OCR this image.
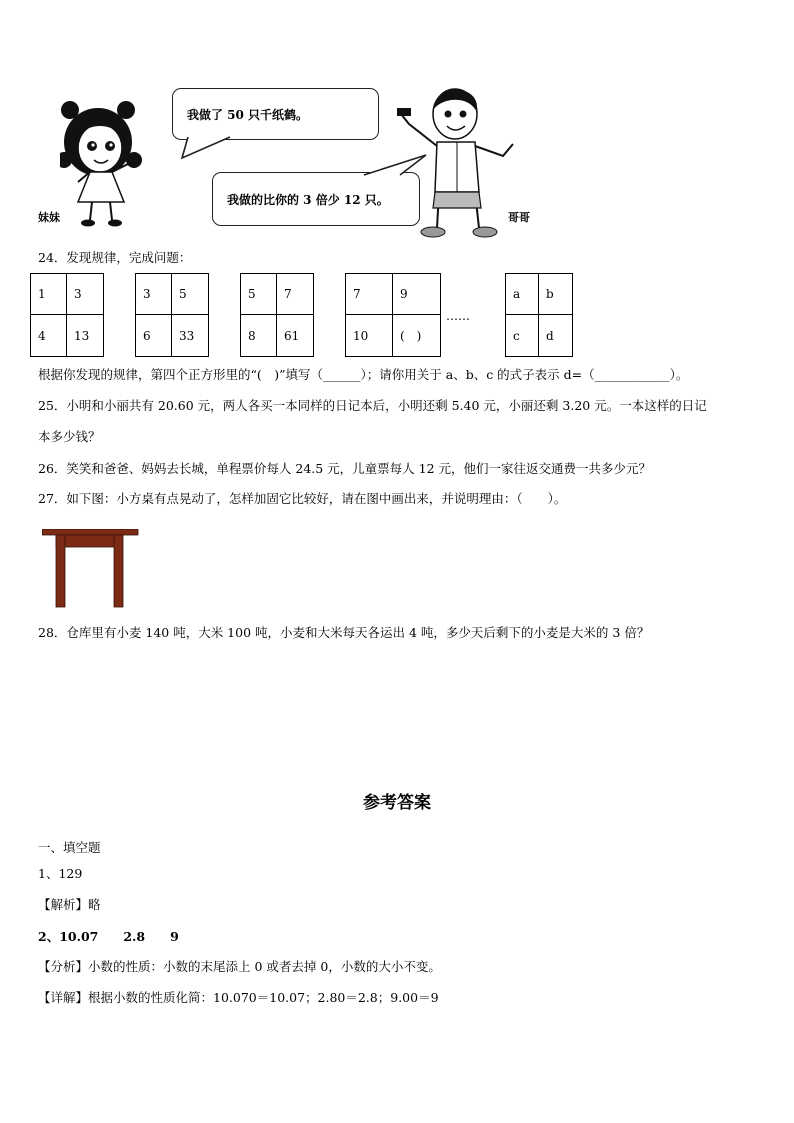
我做了 50 只千纸鹤。
我做的比你的 3 倍少 12 只。
妹妹	哥哥
24．发现规律，完成问题：
1	3
4	13
3	5
6	33
5	7
8	61
7	9
10	(　)
……
a	b
c	d
根据你发现的规律，第四个正方形里的“(　)”填写（______）；请你用关于 a、b、c 的式子表示 d=（____________）。
25．小明和小丽共有 20.60 元，两人各买一本同样的日记本后，小明还剩 5.40 元，小丽还剩 3.20 元。一本这样的日记
本多少钱？
26．笑笑和爸爸、妈妈去长城，单程票价每人 24.5 元，儿童票每人 12 元，他们一家往返交通费一共多少元？
27．如下图：小方桌有点晃动了，怎样加固它比较好，请在图中画出来，并说明理由：（　　）。
28．仓库里有小麦 140 吨，大米 100 吨，小麦和大米每天各运出 4 吨，多少天后剩下的小麦是大米的 3 倍？
参考答案
一、填空题
1、129
【解析】略
2、10.07　　2.8　　9
【分析】小数的性质：小数的末尾添上 0 或者去掉 0，小数的大小不变。
【详解】根据小数的性质化简：10.070＝10.07；2.80＝2.8；9.00＝9
